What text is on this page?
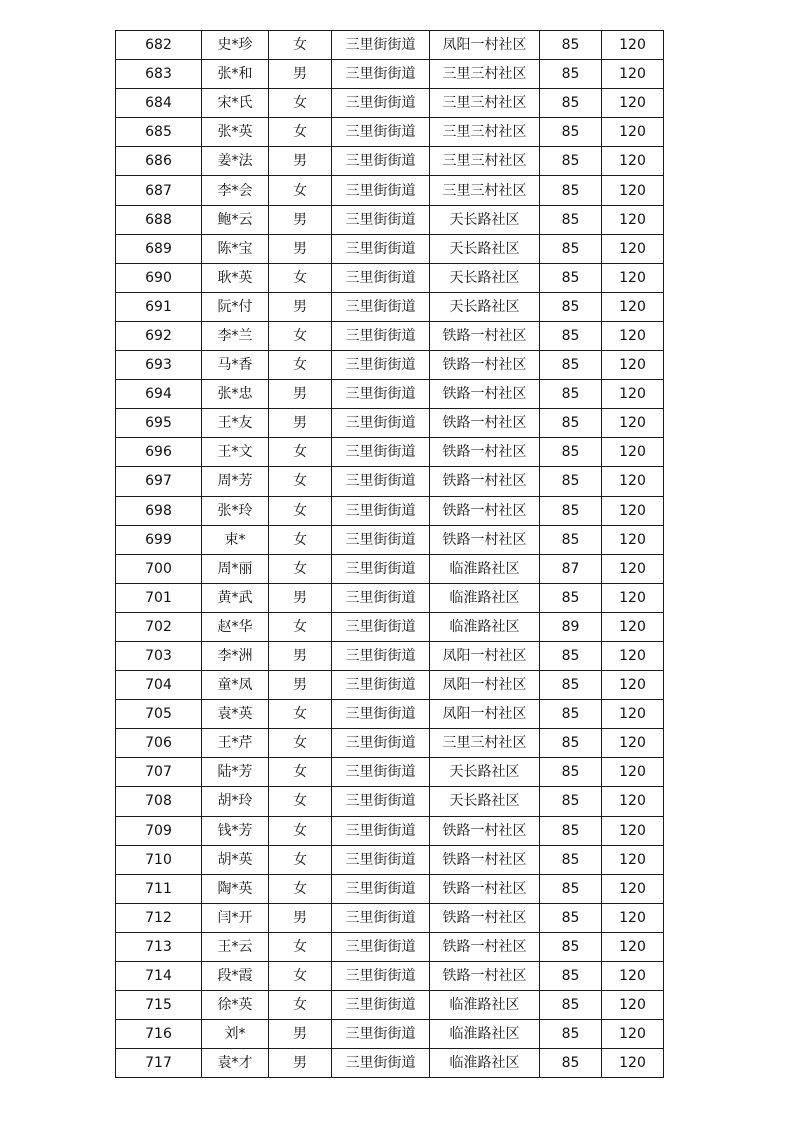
682	史*珍	女	三里街街道	凤阳一村社区	85	120
683	张*和	男	三里街街道	三里三村社区	85	120
684	宋*氏	女	三里街街道	三里三村社区	85	120
685	张*英	女	三里街街道	三里三村社区	85	120
686	姜*法	男	三里街街道	三里三村社区	85	120
687	李*会	女	三里街街道	三里三村社区	85	120
688	鲍*云	男	三里街街道	天长路社区	85	120
689	陈*宝	男	三里街街道	天长路社区	85	120
690	耿*英	女	三里街街道	天长路社区	85	120
691	阮*付	男	三里街街道	天长路社区	85	120
692	李*兰	女	三里街街道	铁路一村社区	85	120
693	马*香	女	三里街街道	铁路一村社区	85	120
694	张*忠	男	三里街街道	铁路一村社区	85	120
695	王*友	男	三里街街道	铁路一村社区	85	120
696	王*文	女	三里街街道	铁路一村社区	85	120
697	周*芳	女	三里街街道	铁路一村社区	85	120
698	张*玲	女	三里街街道	铁路一村社区	85	120
699	束*	女	三里街街道	铁路一村社区	85	120
700	周*丽	女	三里街街道	临淮路社区	87	120
701	黄*武	男	三里街街道	临淮路社区	85	120
702	赵*华	女	三里街街道	临淮路社区	89	120
703	李*洲	男	三里街街道	凤阳一村社区	85	120
704	童*凤	男	三里街街道	凤阳一村社区	85	120
705	袁*英	女	三里街街道	凤阳一村社区	85	120
706	王*芹	女	三里街街道	三里三村社区	85	120
707	陆*芳	女	三里街街道	天长路社区	85	120
708	胡*玲	女	三里街街道	天长路社区	85	120
709	钱*芳	女	三里街街道	铁路一村社区	85	120
710	胡*英	女	三里街街道	铁路一村社区	85	120
711	陶*英	女	三里街街道	铁路一村社区	85	120
712	闫*开	男	三里街街道	铁路一村社区	85	120
713	王*云	女	三里街街道	铁路一村社区	85	120
714	段*霞	女	三里街街道	铁路一村社区	85	120
715	徐*英	女	三里街街道	临淮路社区	85	120
716	刘*	男	三里街街道	临淮路社区	85	120
717	袁*才	男	三里街街道	临淮路社区	85	120
